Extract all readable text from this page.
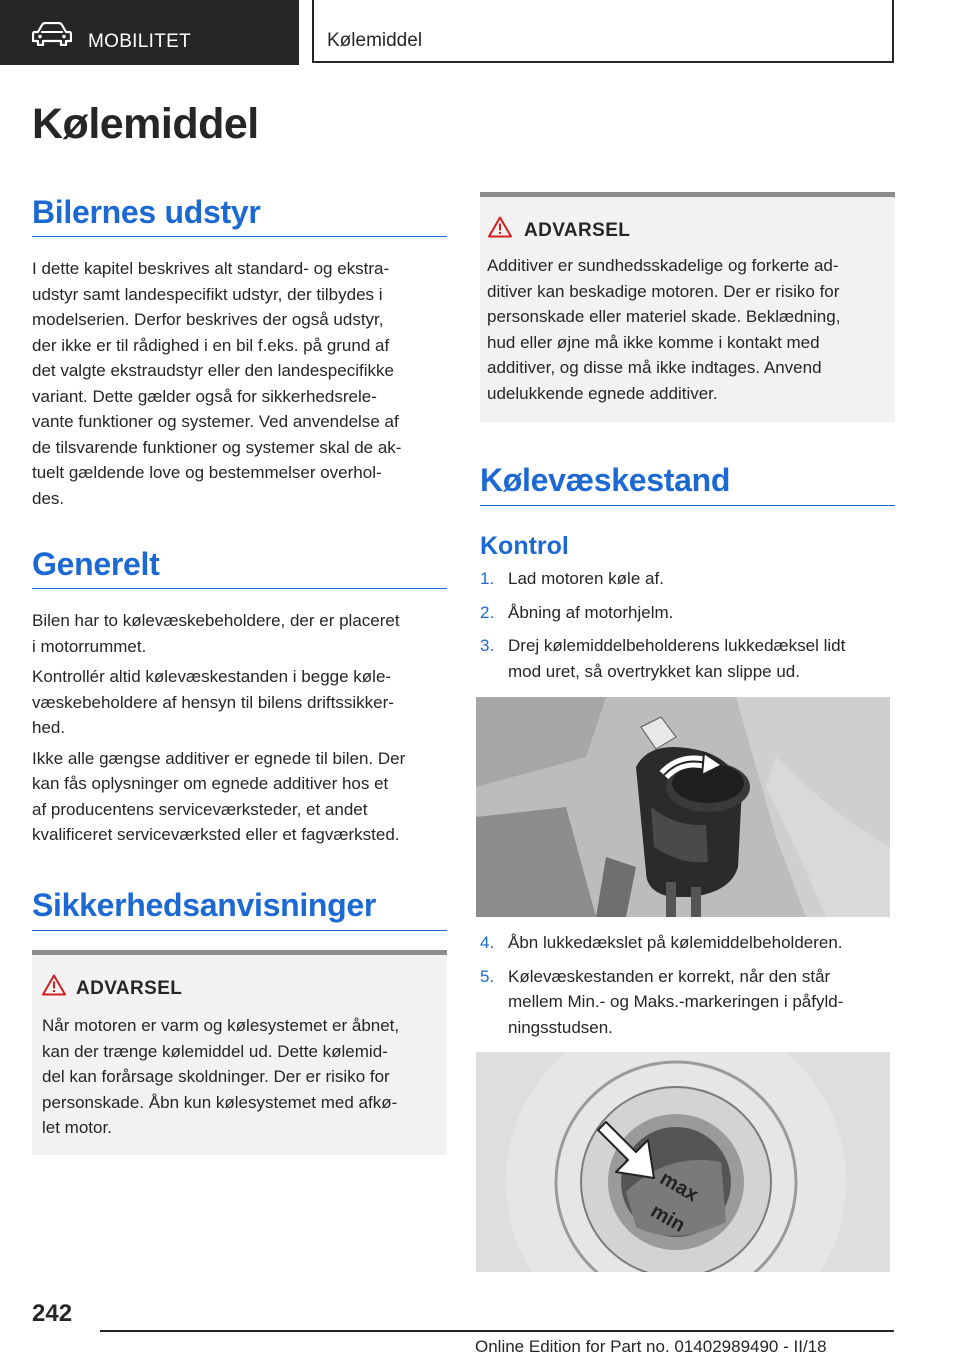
MOBILITET	Kølemiddel
Kølemiddel
Bilernes udstyr
I dette kapitel beskrives alt standard- og ekstra‐
udstyr samt landespecifikt udstyr, der tilbydes i
modelserien. Derfor beskrives der også udstyr,
der ikke er til rådighed i en bil f.eks. på grund af
det valgte ekstraudstyr eller den landespecifikke
variant. Dette gælder også for sikkerhedsrele‐
vante funktioner og systemer. Ved anvendelse af
de tilsvarende funktioner og systemer skal de ak‐
tuelt gældende love og bestemmelser overhol‐
des.
Generelt
Bilen har to kølevæskebeholdere, der er placeret
i motorrummet.
Kontrollér altid kølevæskestanden i begge køle‐
væskebeholdere af hensyn til bilens driftssikker‐
hed.
Ikke alle gængse additiver er egnede til bilen. Der
kan fås oplysninger om egnede additiver hos et
af producentens serviceværksteder, et andet
kvalificeret serviceværksted eller et fagværksted.
Sikkerhedsanvisninger
ADVARSEL
Når motoren er varm og kølesystemet er åbnet,
kan der trænge kølemiddel ud. Dette kølemid‐
del kan forårsage skoldninger. Der er risiko for
personskade. Åbn kun kølesystemet med afkø‐
let motor.
ADVARSEL
Additiver er sundhedsskadelige og forkerte ad‐
ditiver kan beskadige motoren. Der er risiko for
personskade eller materiel skade. Beklædning,
hud eller øjne må ikke komme i kontakt med
additiver, og disse må ikke indtages. Anvend
udelukkende egnede additiver.
Kølevæskestand
Kontrol
1. Lad motoren køle af.
2. Åbning af motorhjelm.
3. Drej kølemiddelbeholderens lukkedæksel lidt
mod uret, så overtrykket kan slippe ud.
4. Åbn lukkedækslet på kølemiddelbeholderen.
5. Kølevæskestanden er korrekt, når den står
mellem Min.- og Maks.-markeringen i påfyld‐
ningsstudsen.
max
min
242
Online Edition for Part no. 01402989490 - II/18
